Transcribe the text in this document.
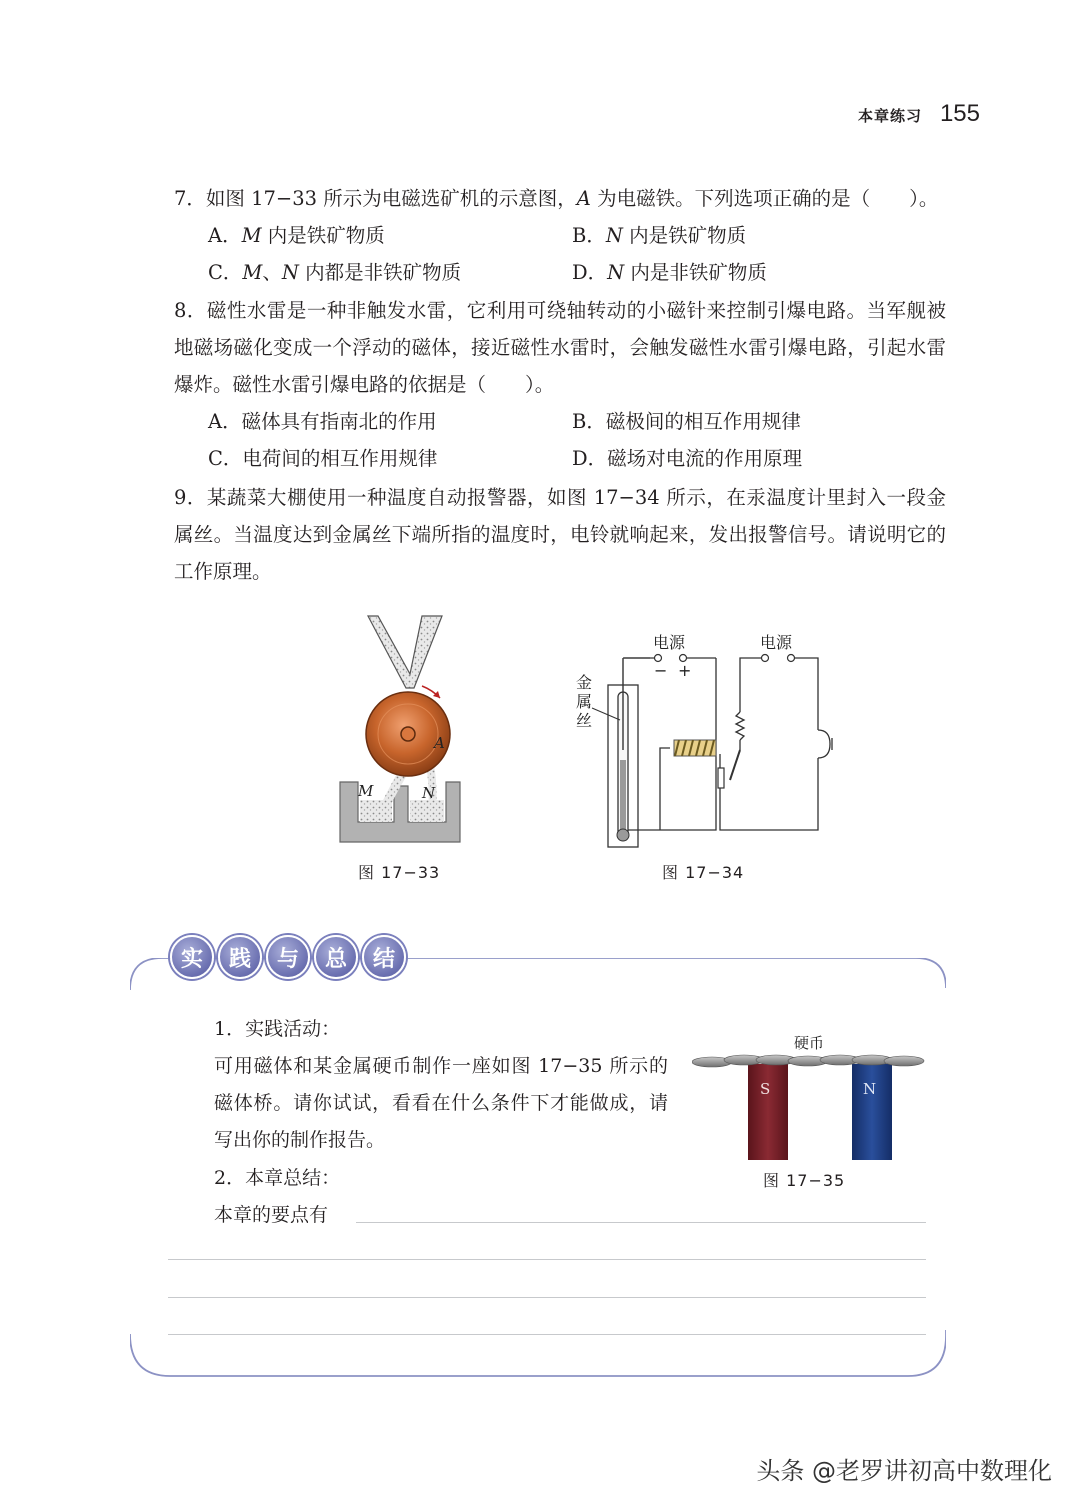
本章练习 155
7．如图 17−33 所示为电磁选矿机的示意图，A 为电磁铁。下列选项正确的是（　　）。
A．M 内是铁矿物质	B．N 内是铁矿物质
C．M、N 内都是非铁矿物质	D．N 内是非铁矿物质
8．磁性水雷是一种非触发水雷，它利用可绕轴转动的小磁针来控制引爆电路。当军舰被地磁场磁化变成一个浮动的磁体，接近磁性水雷时，会触发磁性水雷引爆电路，引起水雷爆炸。磁性水雷引爆电路的依据是（　　）。
A．磁体具有指南北的作用	B．磁极间的相互作用规律
C．电荷间的相互作用规律	D．磁场对电流的作用原理
9．某蔬菜大棚使用一种温度自动报警器，如图 17−34 所示，在汞温度计里封入一段金属丝。当温度达到金属丝下端所指的温度时，电铃就响起来，发出报警信号。请说明它的工作原理。
A
M	N
图 17−33
电源	电源
− +
金属丝
图 17−34
实	践	与	总	结
1．实践活动：
可用磁体和某金属硬币制作一座如图 17−35 所示的磁体桥。请你试试，看看在什么条件下才能做成，请写出你的制作报告。
2．本章总结：
本章的要点有
硬币
S	N
图 17−35
头条 @老罗讲初高中数理化
